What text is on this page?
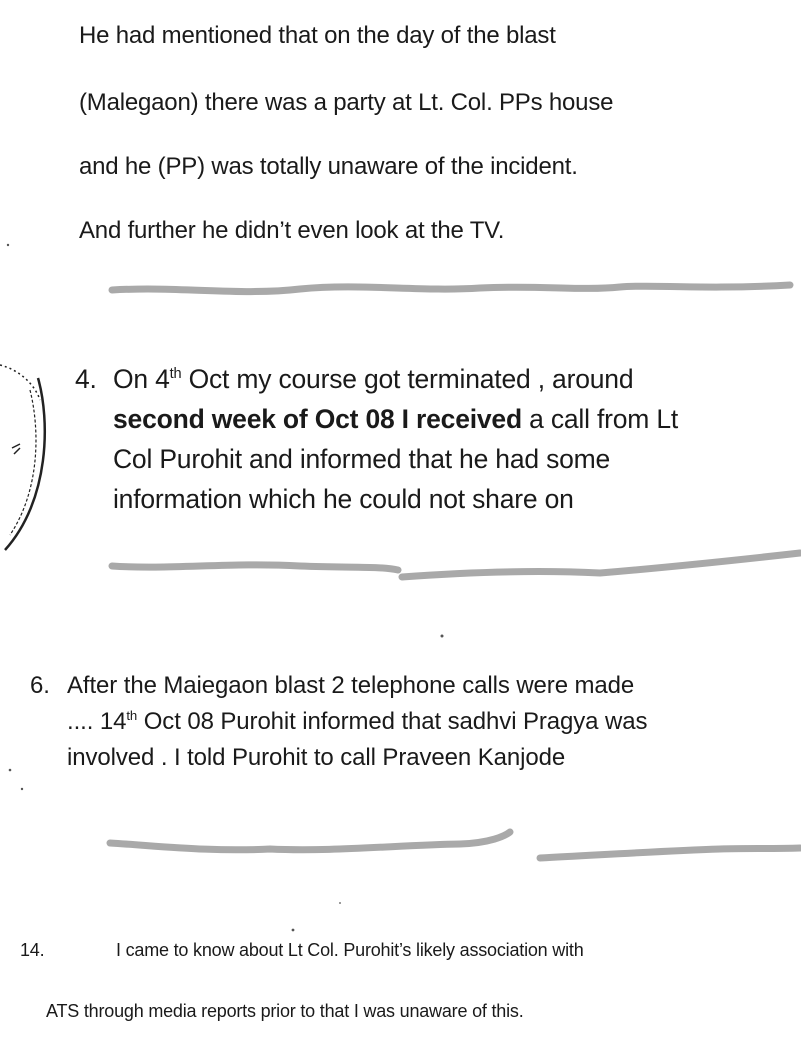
He had mentioned that on the day of the blast
(Malegaon) there was a party at Lt. Col. PPs house
and he (PP) was totally unaware of the incident.
And further he didn’t even look at the TV.
4. On 4th Oct my course got terminated , around
second week of Oct 08 I received a call from Lt
Col Purohit and informed that he had some
information which he could not share on
6. After the Maiegaon blast 2 telephone calls were made
.... 14th Oct 08 Purohit informed that sadhvi Pragya was
involved . I told Purohit to call Praveen Kanjode
14.	I came to know about Lt Col. Purohit’s likely association with
ATS through media reports prior to that I was unaware of this.
